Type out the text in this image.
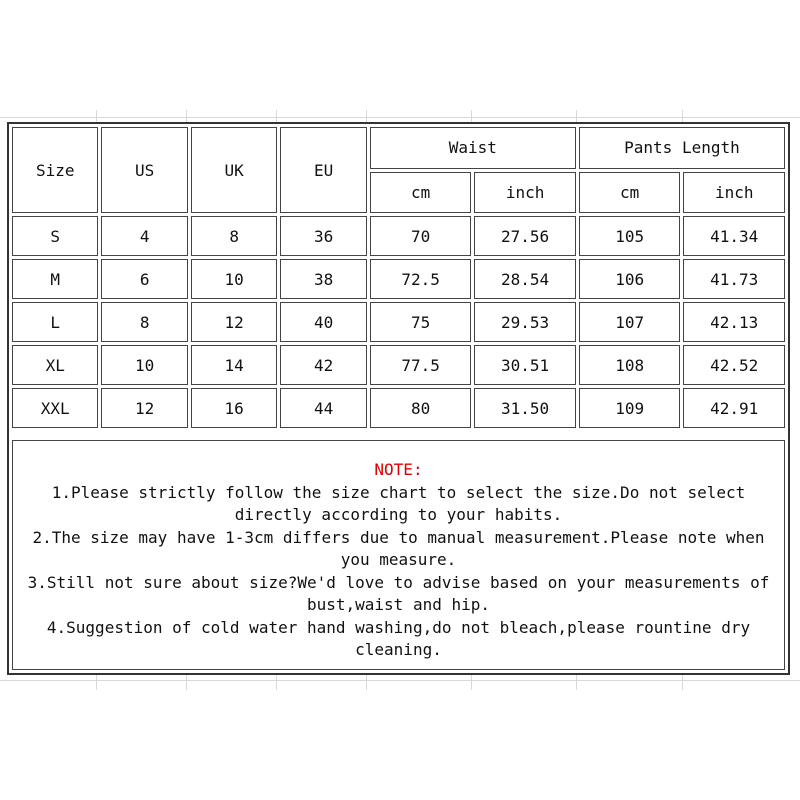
Size	US	UK	EU	Waist		Pants Length	
				cm	inch	cm	inch
S	4	8	36	70	27.56	105	41.34
M	6	10	38	72.5	28.54	106	41.73
L	8	12	40	75	29.53	107	42.13
XL	10	14	42	77.5	30.51	108	42.52
XXL	12	16	44	80	31.50	109	42.91
NOTE:
1.Please strictly follow the size chart to select the size.Do not select directly according to your habits.
2.The size may have 1-3cm differs due to manual measurement.Please note when you measure.
3.Still not sure about size?We'd love to advise based on your measurements of bust,waist and hip.
4.Suggestion of cold water hand washing,do not bleach,please rountine dry cleaning.
